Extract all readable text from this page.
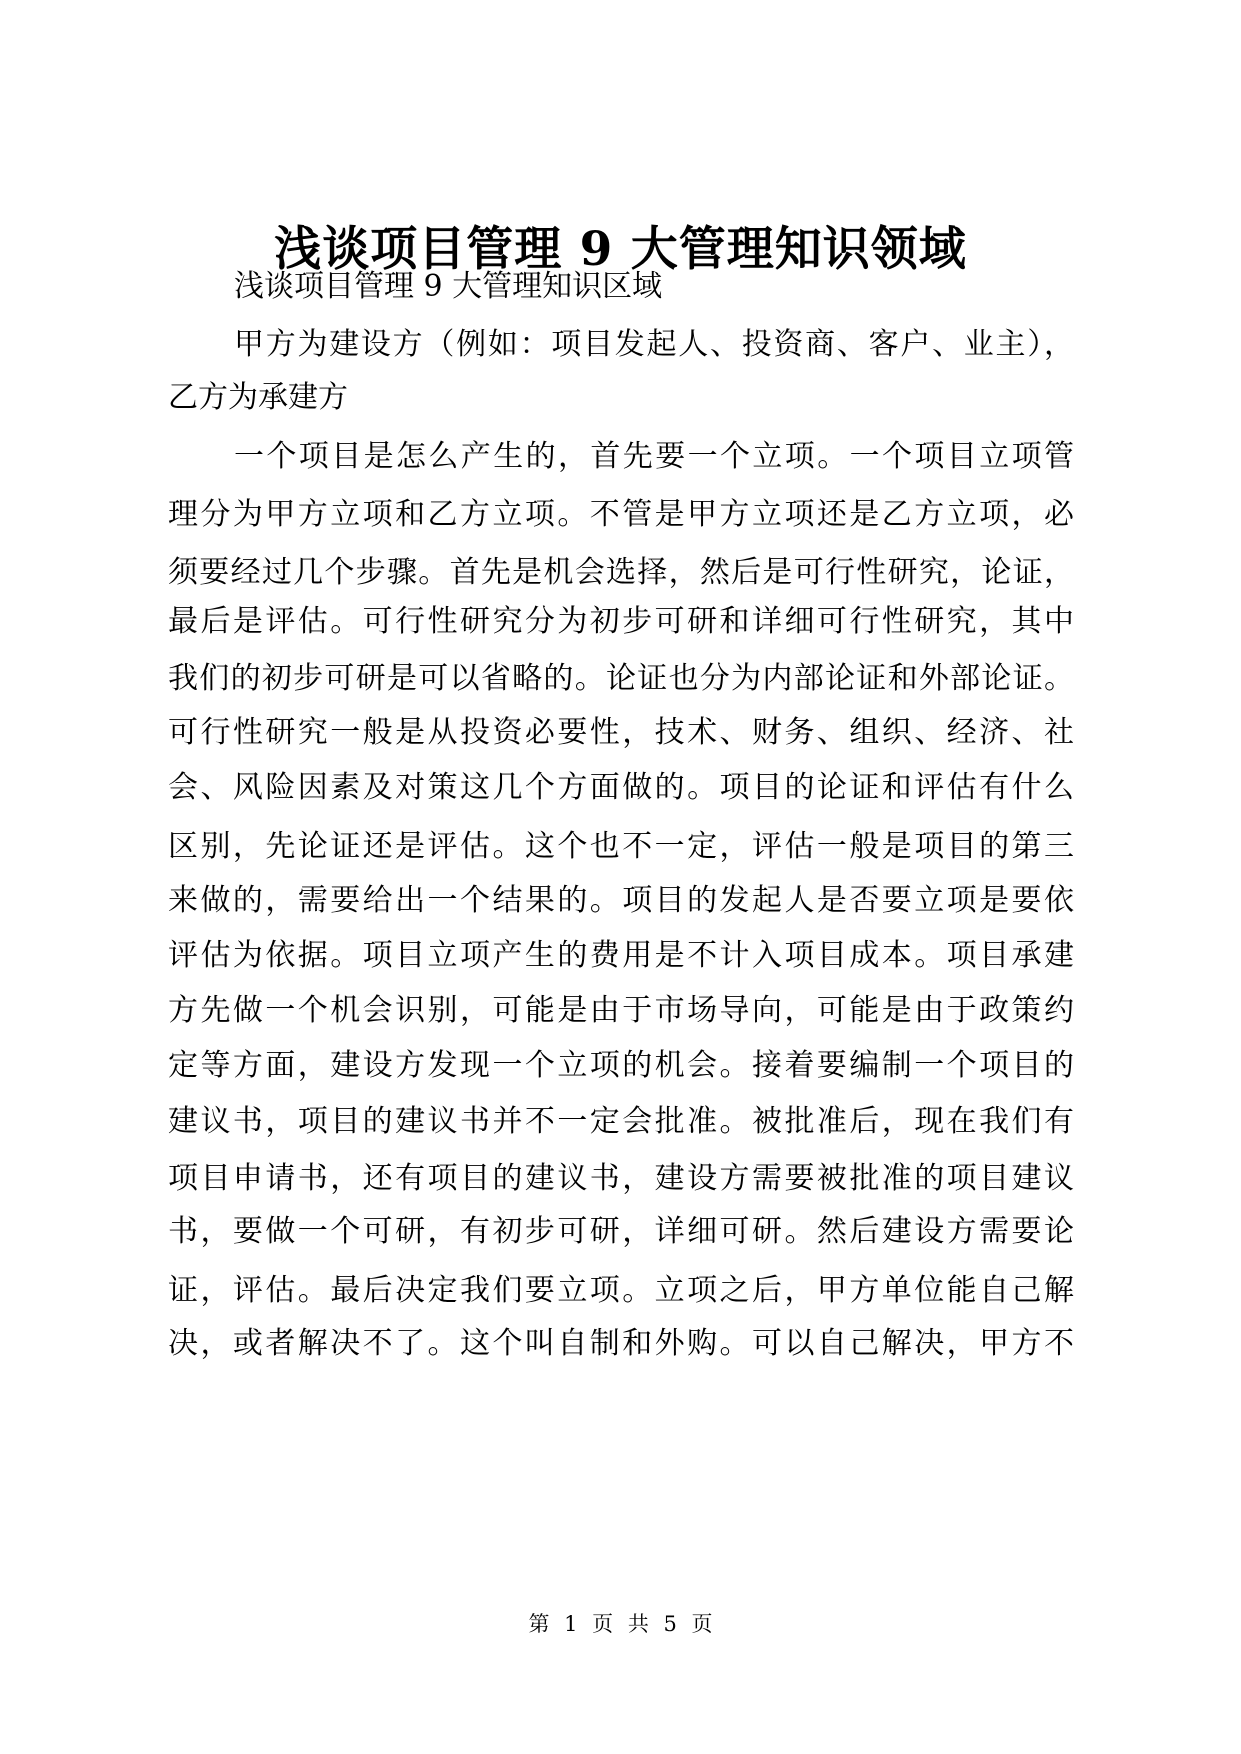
浅谈项目管理 9 大管理知识领域
浅谈项目管理 9 大管理知识区域
甲方为建设方（例如：项目发起人、投资商、客户、业主），
乙方为承建方
一个项目是怎么产生的，首先要一个立项。一个项目立项管
理分为甲方立项和乙方立项。不管是甲方立项还是乙方立项，必
须要经过几个步骤。首先是机会选择，然后是可行性研究，论证，
最后是评估。可行性研究分为初步可研和详细可行性研究，其中
我们的初步可研是可以省略的。论证也分为内部论证和外部论证。
可行性研究一般是从投资必要性，技术、财务、组织、经济、社
会、风险因素及对策这几个方面做的。项目的论证和评估有什么
区别，先论证还是评估。这个也不一定，评估一般是项目的第三
来做的，需要给出一个结果的。项目的发起人是否要立项是要依
评估为依据。项目立项产生的费用是不计入项目成本。项目承建
方先做一个机会识别，可能是由于市场导向，可能是由于政策约
定等方面，建设方发现一个立项的机会。接着要编制一个项目的
建议书，项目的建议书并不一定会批准。被批准后，现在我们有
项目申请书，还有项目的建议书，建设方需要被批准的项目建议
书，要做一个可研，有初步可研，详细可研。然后建设方需要论
证，评估。最后决定我们要立项。立项之后，甲方单位能自己解
决，或者解决不了。这个叫自制和外购。可以自己解决，甲方不
第 1 页 共 5 页
